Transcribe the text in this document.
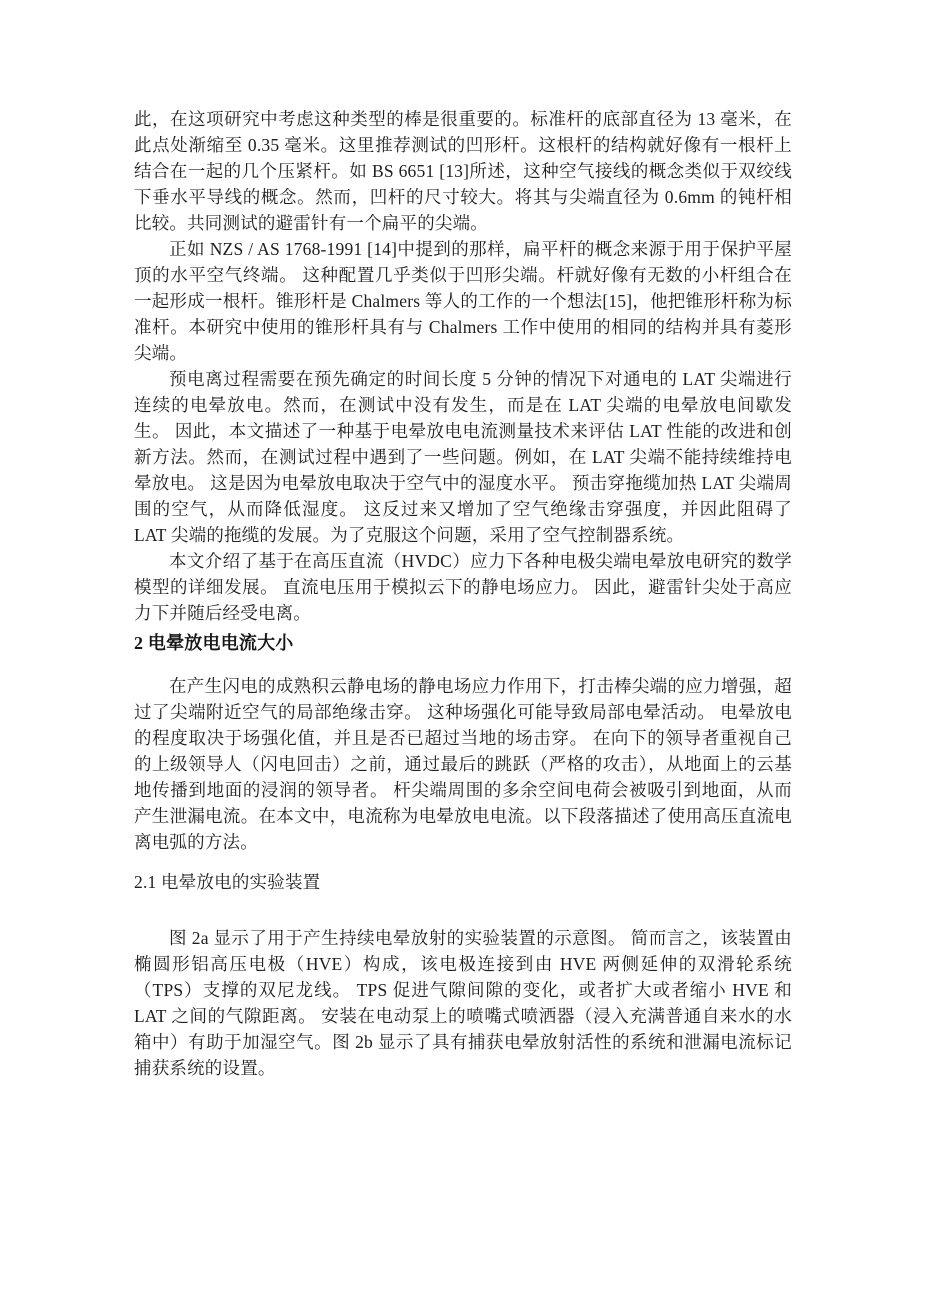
此，在这项研究中考虑这种类型的棒是很重要的。标准杆的底部直径为 13 毫米，在此点处渐缩至 0.35 毫米。这里推荐测试的凹形杆。这根杆的结构就好像有一根杆上结合在一起的几个压紧杆。如 BS 6651 [13]所述，这种空气接线的概念类似于双绞线下垂水平导线的概念。然而，凹杆的尺寸较大。将其与尖端直径为 0.6mm 的钝杆相比较。共同测试的避雷针有一个扁平的尖端。

正如 NZS / AS 1768-1991 [14]中提到的那样，扁平杆的概念来源于用于保护平屋顶的水平空气终端。 这种配置几乎类似于凹形尖端。杆就好像有无数的小杆组合在一起形成一根杆。锥形杆是 Chalmers 等人的工作的一个想法[15]，他把锥形杆称为标准杆。本研究中使用的锥形杆具有与 Chalmers 工作中使用的相同的结构并具有菱形尖端。

预电离过程需要在预先确定的时间长度 5 分钟的情况下对通电的 LAT 尖端进行连续的电晕放电。然而，在测试中没有发生，而是在 LAT 尖端的电晕放电间歇发生。 因此，本文描述了一种基于电晕放电电流测量技术来评估 LAT 性能的改进和创新方法。然而，在测试过程中遇到了一些问题。例如，在 LAT 尖端不能持续维持电晕放电。 这是因为电晕放电取决于空气中的湿度水平。 预击穿拖缆加热 LAT 尖端周围的空气，从而降低湿度。 这反过来又增加了空气绝缘击穿强度，并因此阻碍了 LAT 尖端的拖缆的发展。为了克服这个问题，采用了空气控制器系统。

本文介绍了基于在高压直流（HVDC）应力下各种电极尖端电晕放电研究的数学模型的详细发展。 直流电压用于模拟云下的静电场应力。 因此，避雷针尖处于高应力下并随后经受电离。

2 电晕放电电流大小

在产生闪电的成熟积云静电场的静电场应力作用下，打击棒尖端的应力增强，超过了尖端附近空气的局部绝缘击穿。 这种场强化可能导致局部电晕活动。 电晕放电的程度取决于场强化值，并且是否已超过当地的场击穿。 在向下的领导者重视自己的上级领导人（闪电回击）之前，通过最后的跳跃（严格的攻击），从地面上的云基地传播到地面的浸润的领导者。 杆尖端周围的多余空间电荷会被吸引到地面，从而产生泄漏电流。在本文中，电流称为电晕放电电流。以下段落描述了使用高压直流电离电弧的方法。

2.1 电晕放电的实验装置

图 2a 显示了用于产生持续电晕放射的实验装置的示意图。 简而言之，该装置由椭圆形铝高压电极（HVE）构成，该电极连接到由 HVE 两侧延伸的双滑轮系统（TPS）支撑的双尼龙线。 TPS 促进气隙间隙的变化，或者扩大或者缩小 HVE 和 LAT 之间的气隙距离。 安装在电动泵上的喷嘴式喷洒器（浸入充满普通自来水的水箱中）有助于加湿空气。图 2b 显示了具有捕获电晕放射活性的系统和泄漏电流标记捕获系统的设置。
